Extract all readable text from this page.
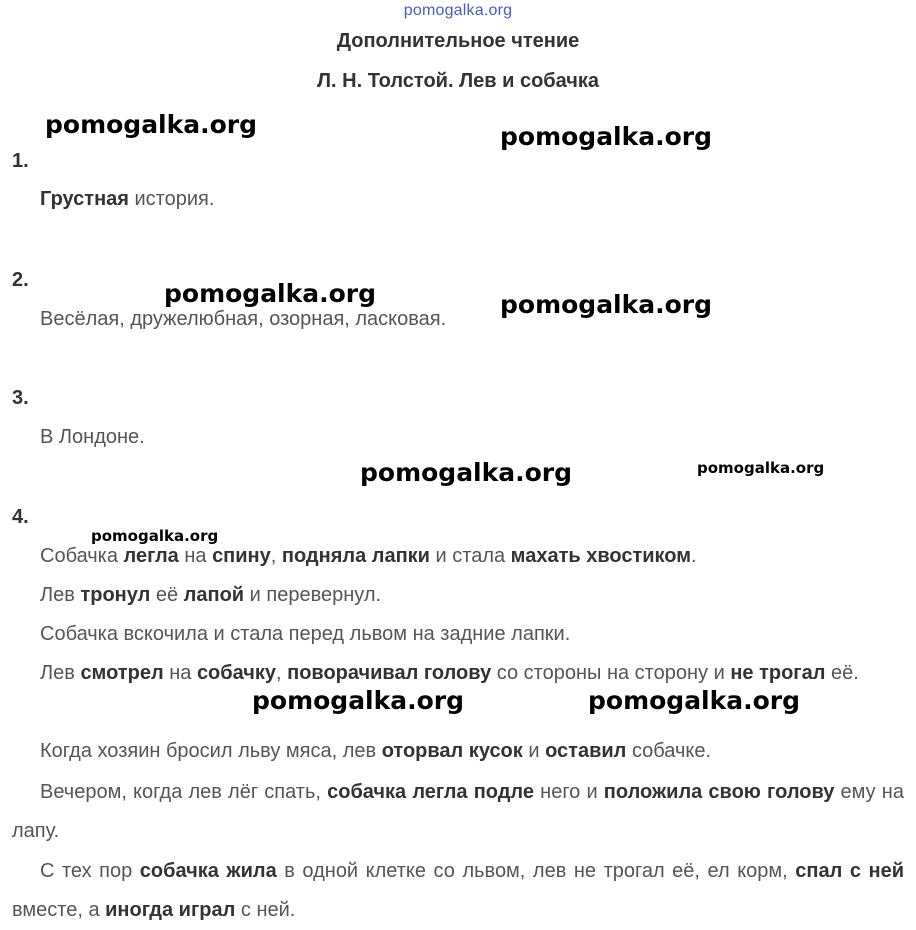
pomogalka.org
Дополнительное чтение
Л. Н. Толстой. Лев и собачка
pomogalka.org	pomogalka.org
pomogalka.org	pomogalka.org
pomogalka.org	pomogalka.org
pomogalka.org
pomogalka.org	pomogalka.org
1.
Грустная история.
2.
Весёлая, дружелюбная, озорная, ласковая.
3.
В Лондоне.
4.
Собачка легла на спину, подняла лапки и стала махать хвостиком.
Лев тронул её лапой и перевернул.
Собачка вскочила и стала перед львом на задние лапки.
Лев смотрел на собачку, поворачивал голову со стороны на сторону и не трогал её.
Когда хозяин бросил льву мяса, лев оторвал кусок и оставил собачке.
Вечером, когда лев лёг спать, собачка легла подле него и положила свою голову ему на лапу.
С тех пор собачка жила в одной клетке со львом, лев не трогал её, ел корм, спал с ней вместе, а иногда играл с ней.
